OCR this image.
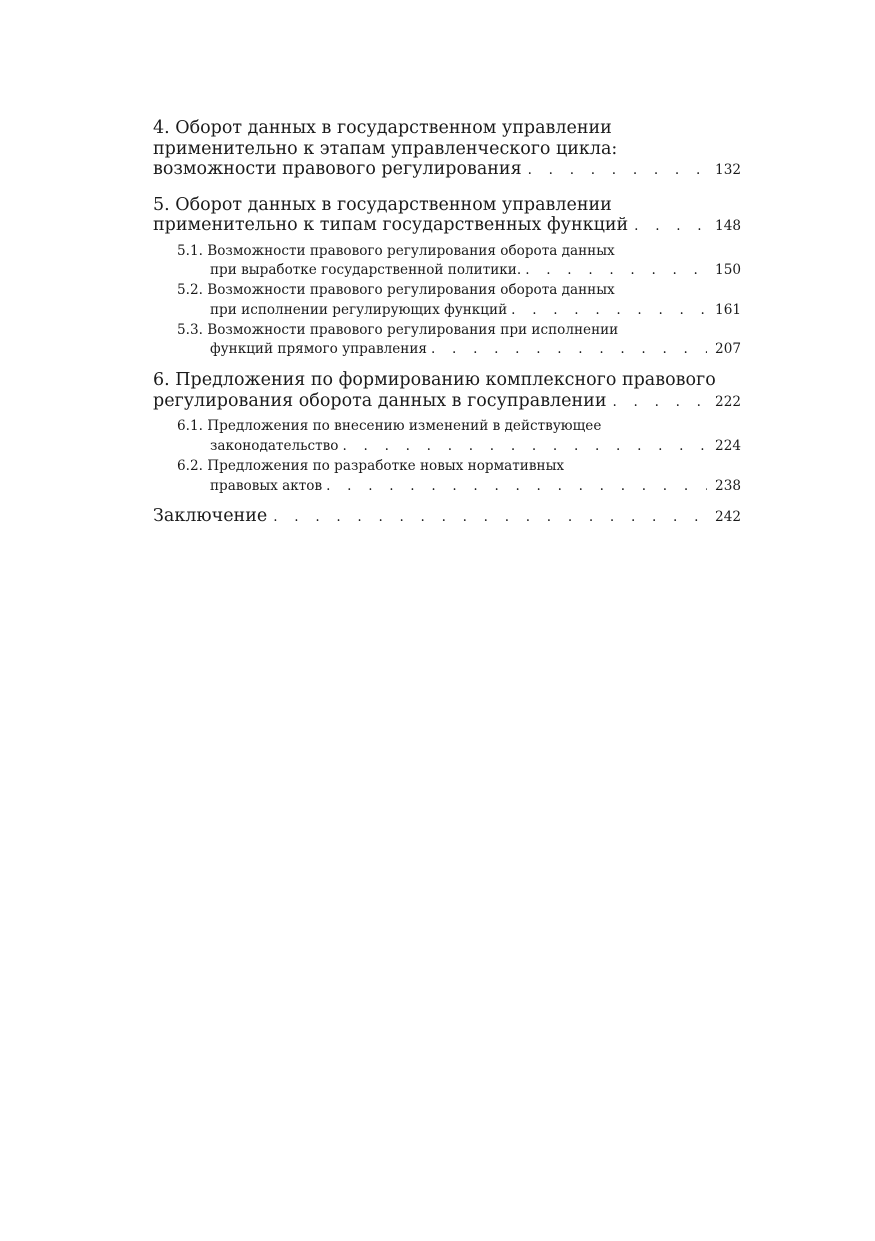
4. Оборот данных в государственном управлении
применительно к этапам управленческого цикла:
возможности правового регулирования . . .	132
5. Оборот данных в государственном управлении
применительно к типам государственных функций . . .	148
5.1. Возможности правового регулирования оборота данных
при выработке государственной политики. . . .	150
5.2. Возможности правового регулирования оборота данных
при исполнении регулирующих функций . . .	161
5.3. Возможности правового регулирования при исполнении
функций прямого управления . . .	207
6. Предложения по формированию комплексного правового
регулирования оборота данных в госуправлении . . .	222
6.1. Предложения по внесению изменений в действующее
законодательство . . .	224
6.2. Предложения по разработке новых нормативных
правовых актов . . .	238
Заключение . . .	242
